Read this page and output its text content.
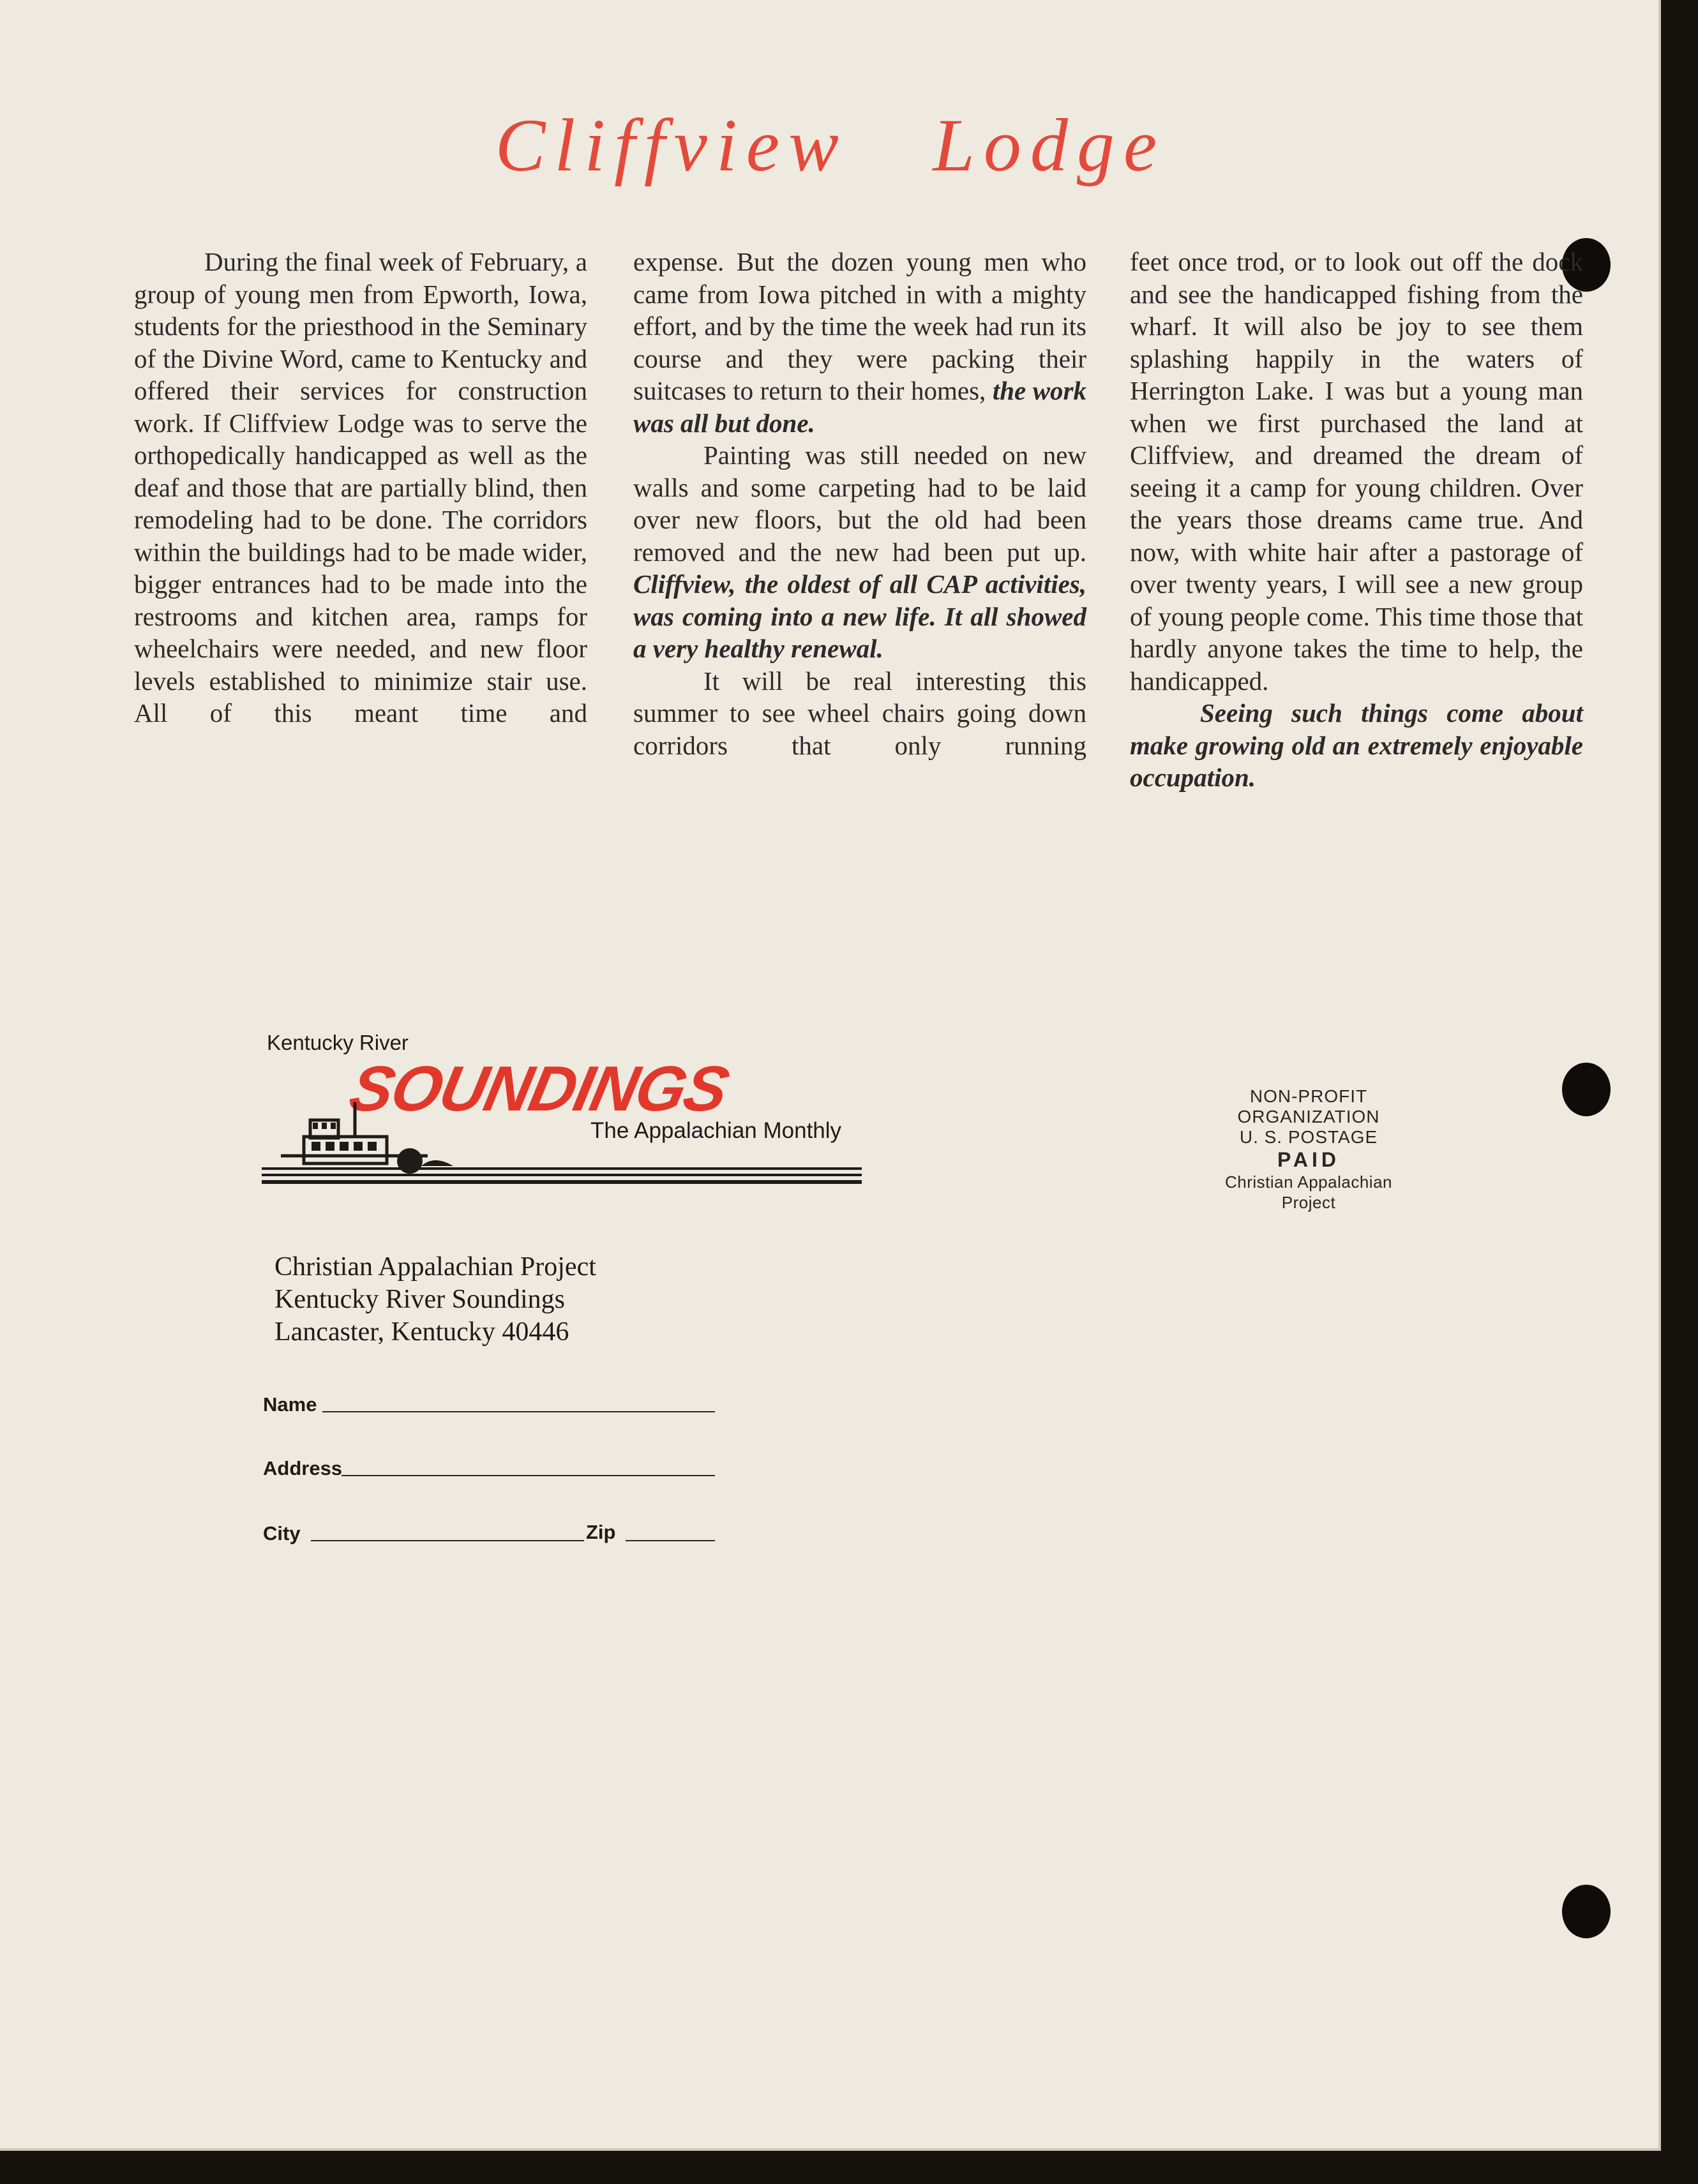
Cliffview Lodge

During the final week of February, a group of young men from Epworth, Iowa, students for the priesthood in the Seminary of the Divine Word, came to Kentucky and offered their services for construction work. If Cliffview Lodge was to serve the orthopedically handicapped as well as the deaf and those that are partially blind, then remodeling had to be done. The corridors within the buildings had to be made wider, bigger entrances had to be made into the restrooms and kitchen area, ramps for wheelchairs were needed, and new floor levels established to minimize stair use. All of this meant time and

expense. But the dozen young men who came from Iowa pitched in with a mighty effort, and by the time the week had run its course and they were packing their suitcases to return to their homes, the work was all but done.

Painting was still needed on new walls and some carpeting had to be laid over new floors, but the old had been removed and the new had been put up. Cliffview, the oldest of all CAP activities, was coming into a new life. It all showed a very healthy renewal.

It will be real interesting this summer to see wheel chairs going down corridors that only running

feet once trod, or to look out off the dock and see the handicapped fishing from the wharf. It will also be joy to see them splashing happily in the waters of Herrington Lake. I was but a young man when we first purchased the land at Cliffview, and dreamed the dream of seeing it a camp for young children. Over the years those dreams came true. And now, with white hair after a pastorage of over twenty years, I will see a new group of young people come. This time those that hardly anyone takes the time to help, the handicapped.

Seeing such things come about make growing old an extremely enjoyable occupation.

Kentucky River
SOUNDINGS
The Appalachian Monthly
NON-PROFIT
ORGANIZATION
U. S. POSTAGE
PAID
Christian Appalachian
Project
Christian Appalachian Project
Kentucky River Soundings
Lancaster, Kentucky 40446
Name
Address
City	Zip
